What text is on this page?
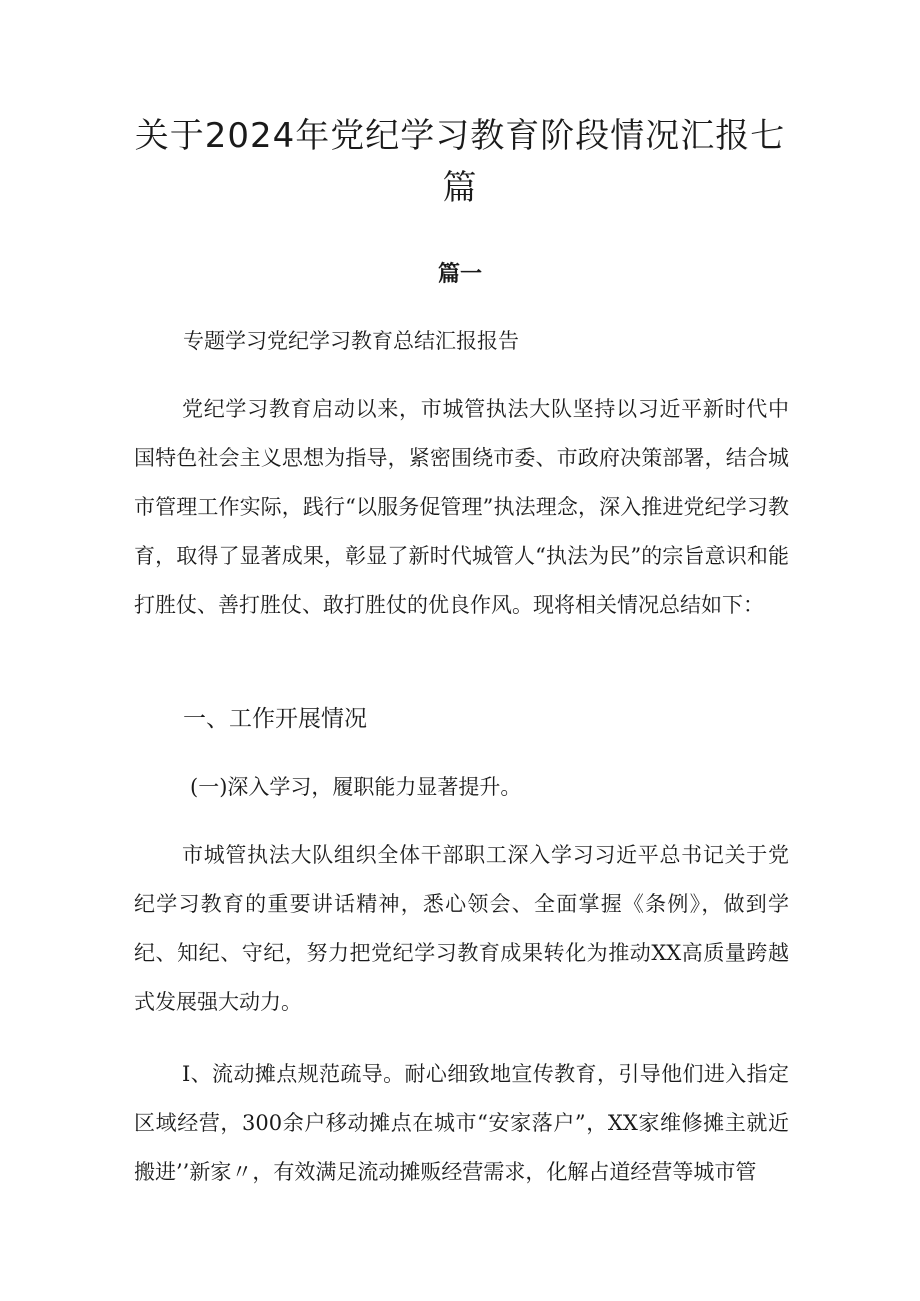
关于2024年党纪学习教育阶段情况汇报七篇

篇一

专题学习党纪学习教育总结汇报报告

党纪学习教育启动以来，市城管执法大队坚持以习近平新时代中国特色社会主义思想为指导，紧密围绕市委、市政府决策部署，结合城市管理工作实际，践行“以服务促管理”执法理念，深入推进党纪学习教育，取得了显著成果，彰显了新时代城管人“执法为民”的宗旨意识和能打胜仗、善打胜仗、敢打胜仗的优良作风。现将相关情况总结如下：

一、工作开展情况

(一)深入学习，履职能力显著提升。

市城管执法大队组织全体干部职工深入学习习近平总书记关于党纪学习教育的重要讲话精神，悉心领会、全面掌握《条例》，做到学纪、知纪、守纪，努力把党纪学习教育成果转化为推动XX高质量跨越式发展强大动力。

I、流动摊点规范疏导。耐心细致地宣传教育，引导他们进入指定区域经营，300余户移动摊点在城市“安家落户”，XX家维修摊主就近搬进’’新家〃，有效满足流动摊贩经营需求，化解占道经营等城市管
